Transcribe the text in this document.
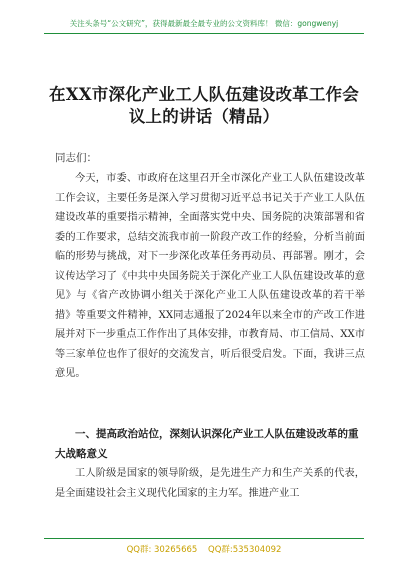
关注头条号“公文研究”，获得最新最全最专业的公文资料库！ 微信：gongwenyj
在XX市深化产业工人队伍建设改革工作会议上的讲话（精品）
同志们：

今天，市委、市政府在这里召开全市深化产业工人队伍建设改革工作会议，主要任务是深入学习贯彻习近平总书记关于产业工人队伍建设改革的重要指示精神，全面落实党中央、国务院的决策部署和省委的工作要求，总结交流我市前一阶段产改工作的经验，分析当前面临的形势与挑战，对下一步深化改革任务再动员、再部署。刚才，会议传达学习了《中共中央国务院关于深化产业工人队伍建设改革的意见》与《省产改协调小组关于深化产业工人队伍建设改革的若干举措》等重要文件精神，XX同志通报了2024年以来全市的产改工作进展并对下一步重点工作作出了具体安排，市教育局、市工信局、XX市等三家单位也作了很好的交流发言，听后很受启发。下面，我讲三点意见。

一、提高政治站位，深刻认识深化产业工人队伍建设改革的重大战略意义

工人阶级是国家的领导阶级，是先进生产力和生产关系的代表，是全面建设社会主义现代化国家的主力军。推进产业工

QQ群: 30265665 QQ群:535304092
